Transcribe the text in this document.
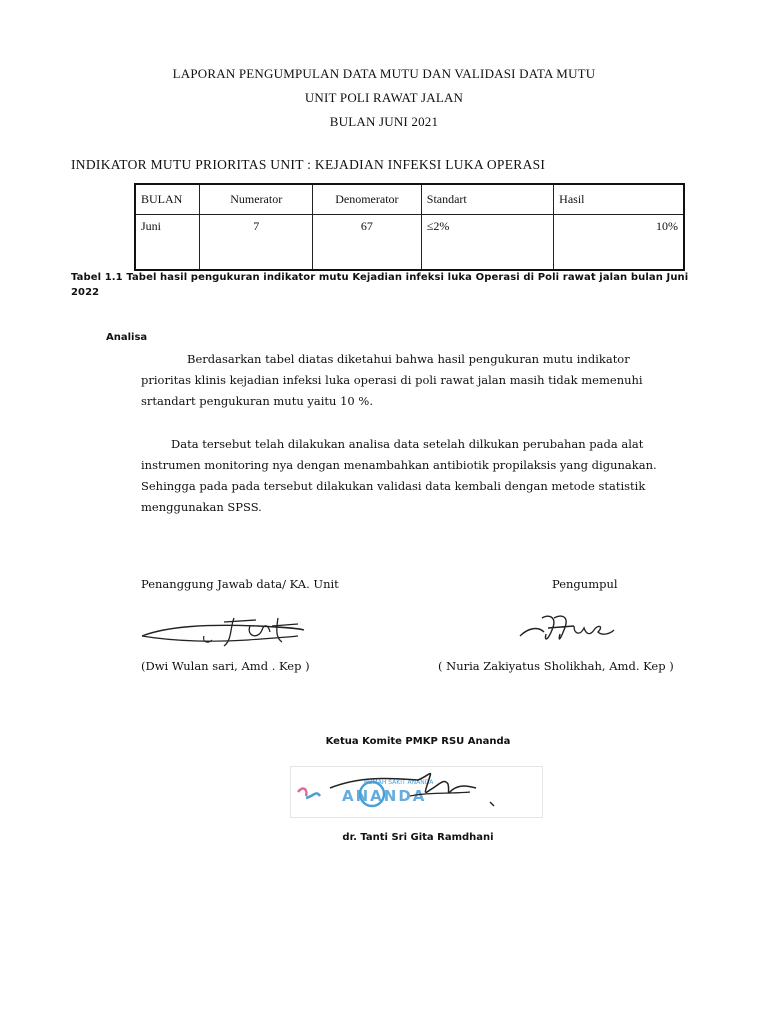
LAPORAN PENGUMPULAN DATA MUTU DAN VALIDASI DATA MUTU
UNIT POLI RAWAT JALAN
BULAN JUNI 2021
INDIKATOR MUTU PRIORITAS UNIT : KEJADIAN INFEKSI LUKA OPERASI
BULAN	Numerator	Denomerator	Standart	Hasil
Juni	7	67	≤2%	10%
Tabel 1.1 Tabel hasil pengukuran indikator mutu Kejadian infeksi luka Operasi di Poli rawat jalan bulan Juni 2022
Analisa
Berdasarkan tabel diatas diketahui bahwa hasil pengukuran mutu indikator prioritas klinis kejadian infeksi luka operasi di poli rawat jalan masih tidak memenuhi srtandart pengukuran mutu yaitu 10 %.
Data tersebut telah dilakukan analisa data setelah dilkukan perubahan pada alat instrumen monitoring nya dengan menambahkan antibiotik propilaksis yang digunakan. Sehingga pada pada tersebut dilakukan validasi data kembali dengan metode statistik menggunakan SPSS.
Penanggung Jawab data/ KA. Unit	Pengumpul
(Dwi Wulan sari, Amd . Kep )	( Nuria Zakiyatus Sholikhah, Amd. Kep )
Ketua Komite PMKP RSU Ananda
ANANDA
RUMAH SAKIT ANANDA
dr. Tanti Sri Gita Ramdhani
